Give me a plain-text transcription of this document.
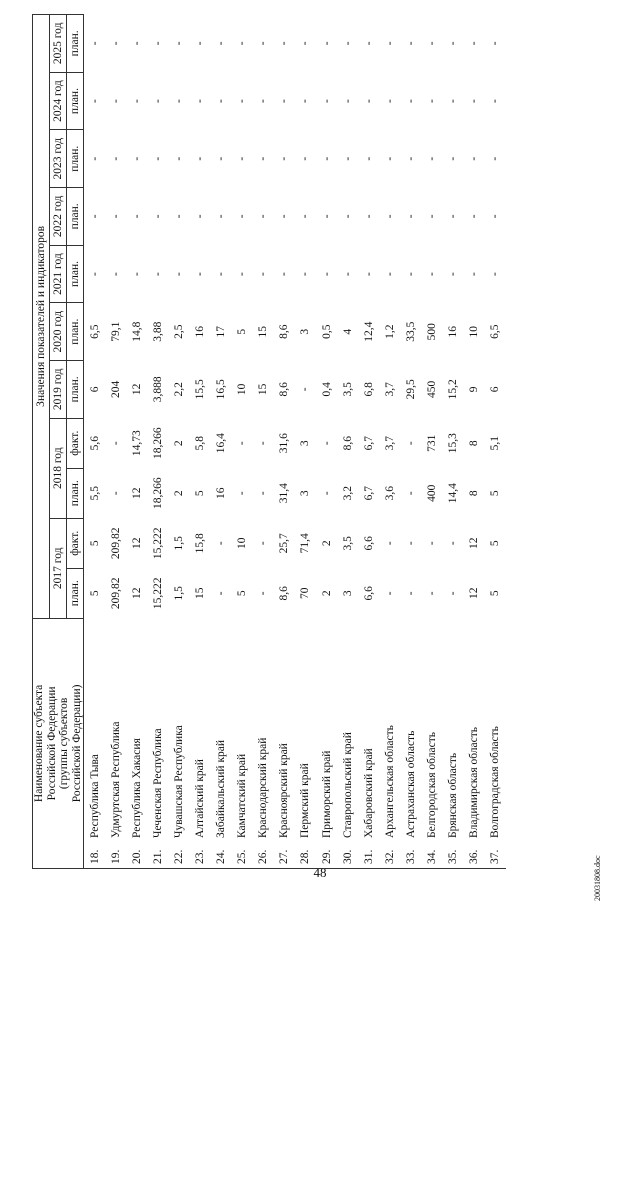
48	20031808.doc
Наименование субъекта Российской Федерации (группы субъектов Российской Федерации)	Значения показателей и индикаторов										
	2017 год		2018 год		2019 год	2020 год	2021 год	2022 год	2023 год	2024 год	2025 год
	план.	факт.	план.	факт.	план.	план.	план.	план.	план.	план.	план.
18.Республика Тыва	5	5	5,5	5,6	6	6,5	-	-	-	-	-
19.Удмуртская Республика	209,82	209,82	-	-	204	79,1	-	-	-	-	-
20.Республика Хакасия	12	12	12	14,73	12	14,8	-	-	-	-	-
21.Чеченская Республика	15,222	15,222	18,266	18,266	3,888	3,88	-	-	-	-	-
22.Чувашская Республика	1,5	1,5	2	2	2,2	2,5	-	-	-	-	-
23.Алтайский край	15	15,8	5	5,8	15,5	16	-	-	-	-	-
24.Забайкальский край	-	-	16	16,4	16,5	17	-	-	-	-	-
25.Камчатский край	5	10	-	-	10	5	-	-	-	-	-
26.Краснодарский край	-	-	-	-	15	15	-	-	-	-	-
27.Красноярский край	8,6	25,7	31,4	31,6	8,6	8,6	-	-	-	-	-
28.Пермский край	70	71,4	3	3	-	3	-	-	-	-	-
29.Приморский край	2	2	-	-	0,4	0,5	-	-	-	-	-
30.Ставропольский край	3	3,5	3,2	8,6	3,5	4	-	-	-	-	-
31.Хабаровский край	6,6	6,6	6,7	6,7	6,8	12,4	-	-	-	-	-
32.Архангельская область	-	-	3,6	3,7	3,7	1,2	-	-	-	-	-
33.Астраханская область	-	-	-	-	29,5	33,5	-	-	-	-	-
34.Белгородская область	-	-	400	731	450	500	-	-	-	-	-
35.Брянская область	-	-	14,4	15,3	15,2	16	-	-	-	-	-
36.Владимирская область	12	12	8	8	9	10	-	-	-	-	-
37.Волгоградская область	5	5	5	5,1	6	6,5	-	-	-	-	-
